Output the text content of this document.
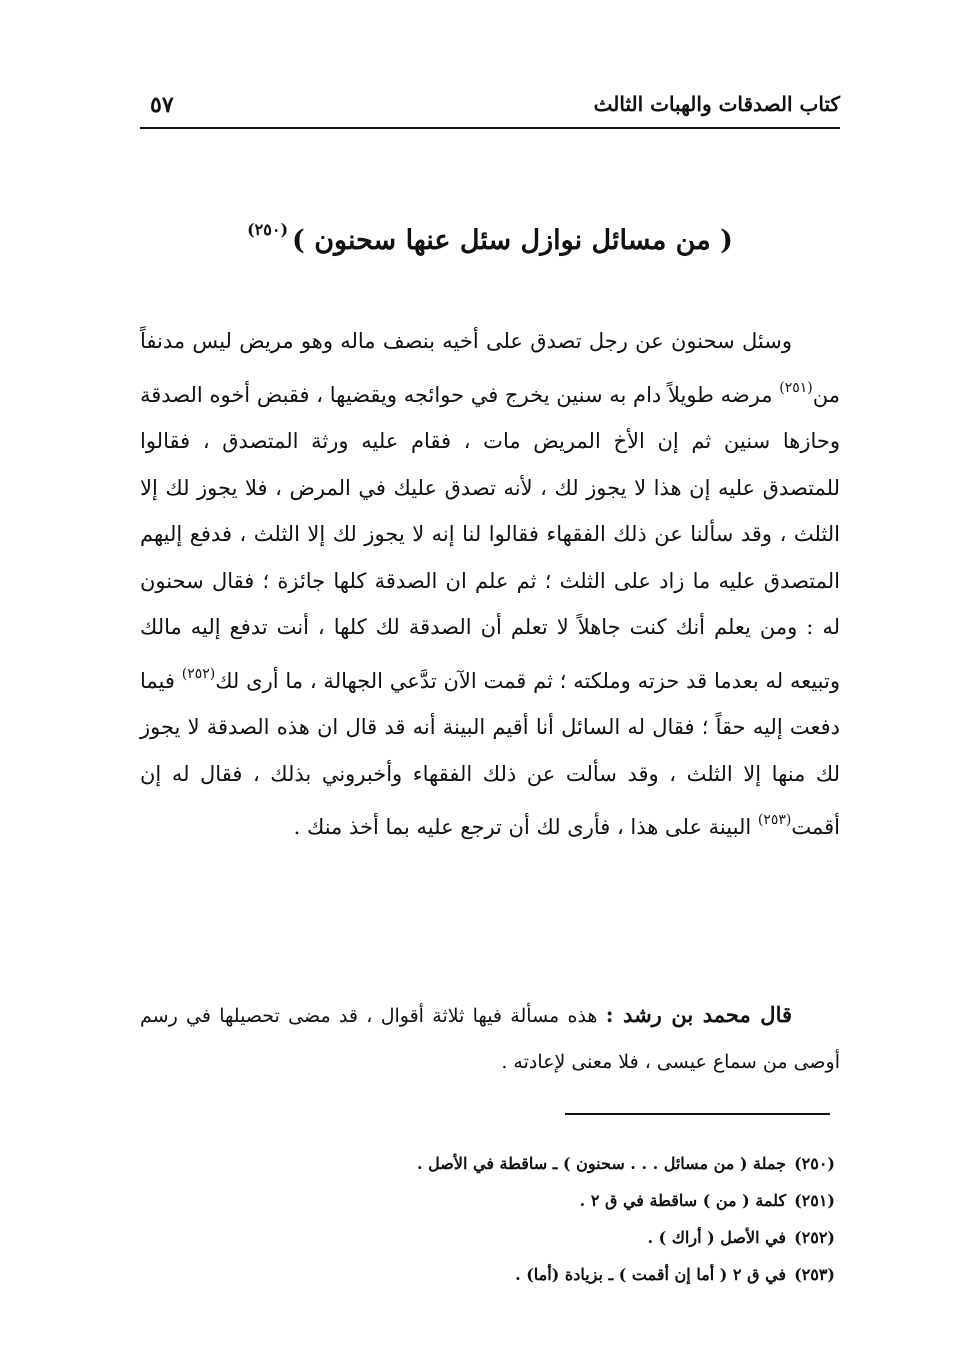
كتاب الصدقات والهبات الثالث
٥٧
( من مسائل نوازل سئل عنها سحنون )$^{(٢٥٠)}$

وسئل سحنون عن رجل تصدق على أخيه بنصف ماله وهو مريض ليس مدنفاً من$^{(٢٥١)}$ مرضه طويلاً دام به سنين يخرج في حوائجه ويقضيها ، فقبض أخوه الصدقة وحازها سنين ثم إن الأخ المريض مات ، فقام عليه ورثة المتصدق ، فقالوا للمتصدق عليه إن هذا لا يجوز لك ، لأنه تصدق عليك في المرض ، فلا يجوز لك إلا الثلث ، وقد سألنا عن ذلك الفقهاء فقالوا لنا إنه لا يجوز لك إلا الثلث ، فدفع إليهم المتصدق عليه ما زاد على الثلث ؛ ثم علم ان الصدقة كلها جائزة ؛ فقال سحنون له : ومن يعلم أنك كنت جاهلاً لا تعلم أن الصدقة لك كلها ، أنت تدفع إليه مالك وتبيعه له بعدما قد حزته وملكته ؛ ثم قمت الآن تدَّعي الجهالة ، ما أرى لك$^{(٢٥٢)}$ فيما دفعت إليه حقاً ؛ فقال له السائل أنا أقيم البينة أنه قد قال ان هذه الصدقة لا يجوز لك منها إلا الثلث ، وقد سألت عن ذلك الفقهاء وأخبروني بذلك ، فقال له إن أقمت$^{(٢٥٣)}$ البينة على هذا ، فأرى لك أن ترجع عليه بما أخذ منك .

قال محمد بن رشد : هذه مسألة فيها ثلاثة أقوال ، قد مضى تحصيلها في رسم أوصى من سماع عيسى ، فلا معنى لإعادته .

(٢٥٠)جملة ( من مسائل . . . سحنون ) ـ ساقطة في الأصل .
(٢٥١)كلمة ( من ) ساقطة في ق ٢ .
(٢٥٢)في الأصل ( أراك ) .
(٢٥٣)في ق ٢ ( أما إن أقمت ) ـ بزيادة (أما) .
